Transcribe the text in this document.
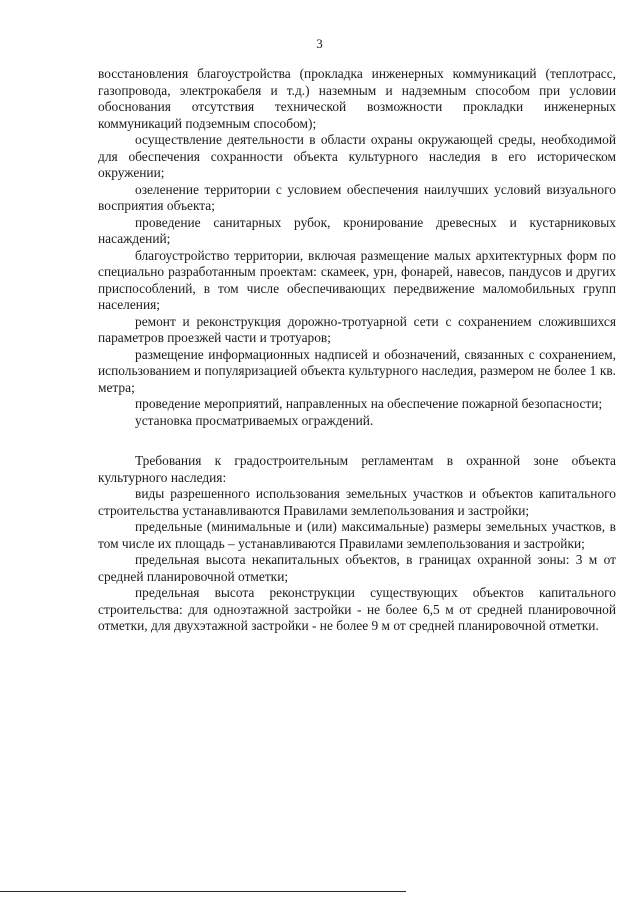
3

восстановления благоустройства (прокладка инженерных коммуникаций (теплотрасс, газопровода, электрокабеля и т.д.) наземным и надземным способом при условии обоснования отсутствия технической возможности прокладки инженерных коммуникаций подземным способом);

осуществление деятельности в области охраны окружающей среды, необходимой для обеспечения сохранности объекта культурного наследия в его историческом окружении;

озеленение территории с условием обеспечения наилучших условий визуального восприятия объекта;

проведение санитарных рубок, кронирование древесных и кустарниковых насаждений;

благоустройство территории, включая размещение малых архитектурных форм по специально разработанным проектам: скамеек, урн, фонарей, навесов, пандусов и других приспособлений, в том числе обеспечивающих передвижение маломобильных групп населения;

ремонт и реконструкция дорожно-тротуарной сети с сохранением сложившихся параметров проезжей части и тротуаров;

размещение информационных надписей и обозначений, связанных с сохранением, использованием и популяризацией объекта культурного наследия, размером не более 1 кв. метра;

проведение мероприятий, направленных на обеспечение пожарной безопасности;

установка просматриваемых ограждений.

Требования к градостроительным регламентам в охранной зоне объекта культурного наследия:

виды разрешенного использования земельных участков и объектов капитального строительства устанавливаются Правилами землепользования и застройки;

предельные (минимальные и (или) максимальные) размеры земельных участков, в том числе их площадь – устанавливаются Правилами землепользования и застройки;

предельная высота некапитальных объектов, в границах охранной зоны: 3 м от средней планировочной отметки;

предельная высота реконструкции существующих объектов капитального строительства: для одноэтажной застройки - не более 6,5 м от средней планировочной отметки, для двухэтажной застройки - не более 9 м от средней планировочной отметки.
